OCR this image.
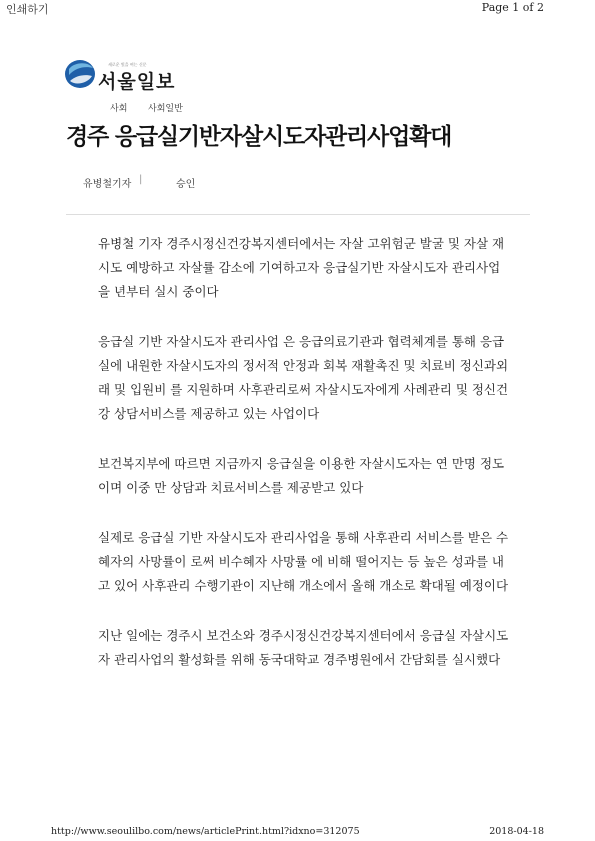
인쇄하기	Page 1 of 2
새로운 빛을 여는 신문
서울일보
사회 사회일반
경주 응급실기반자살시도자관리사업확대
유병철기자 |	승인

유병철 기자 경주시정신건강복지센터에서는 자살 고위험군 발굴 및 자살 재시도 예방하고 자살률 감소에 기여하고자 응급실기반 자살시도자 관리사업을 년부터 실시 중이다

응급실 기반 자살시도자 관리사업 은 응급의료기관과 협력체계를 통해 응급실에 내원한 자살시도자의 정서적 안정과 회복 재활촉진 및 치료비 정신과외래 및 입원비 를 지원하며 사후관리로써 자살시도자에게 사례관리 및 정신건강 상담서비스를 제공하고 있는 사업이다

보건복지부에 따르면 지금까지 응급실을 이용한 자살시도자는 연 만명 정도이며 이중 만 상담과 치료서비스를 제공받고 있다

실제로 응급실 기반 자살시도자 관리사업을 통해 사후관리 서비스를 받은 수혜자의 사망률이 로써 비수혜자 사망률 에 비해 떨어지는 등 높은 성과를 내고 있어 사후관리 수행기관이 지난해 개소에서 올해 개소로 확대될 예정이다

지난 일에는 경주시 보건소와 경주시정신건강복지센터에서 응급실 자살시도자 관리사업의 활성화를 위해 동국대학교 경주병원에서 간담회를 실시했다

http://www.seoulilbo.com/news/articlePrint.html?idxno=312075	2018-04-18
